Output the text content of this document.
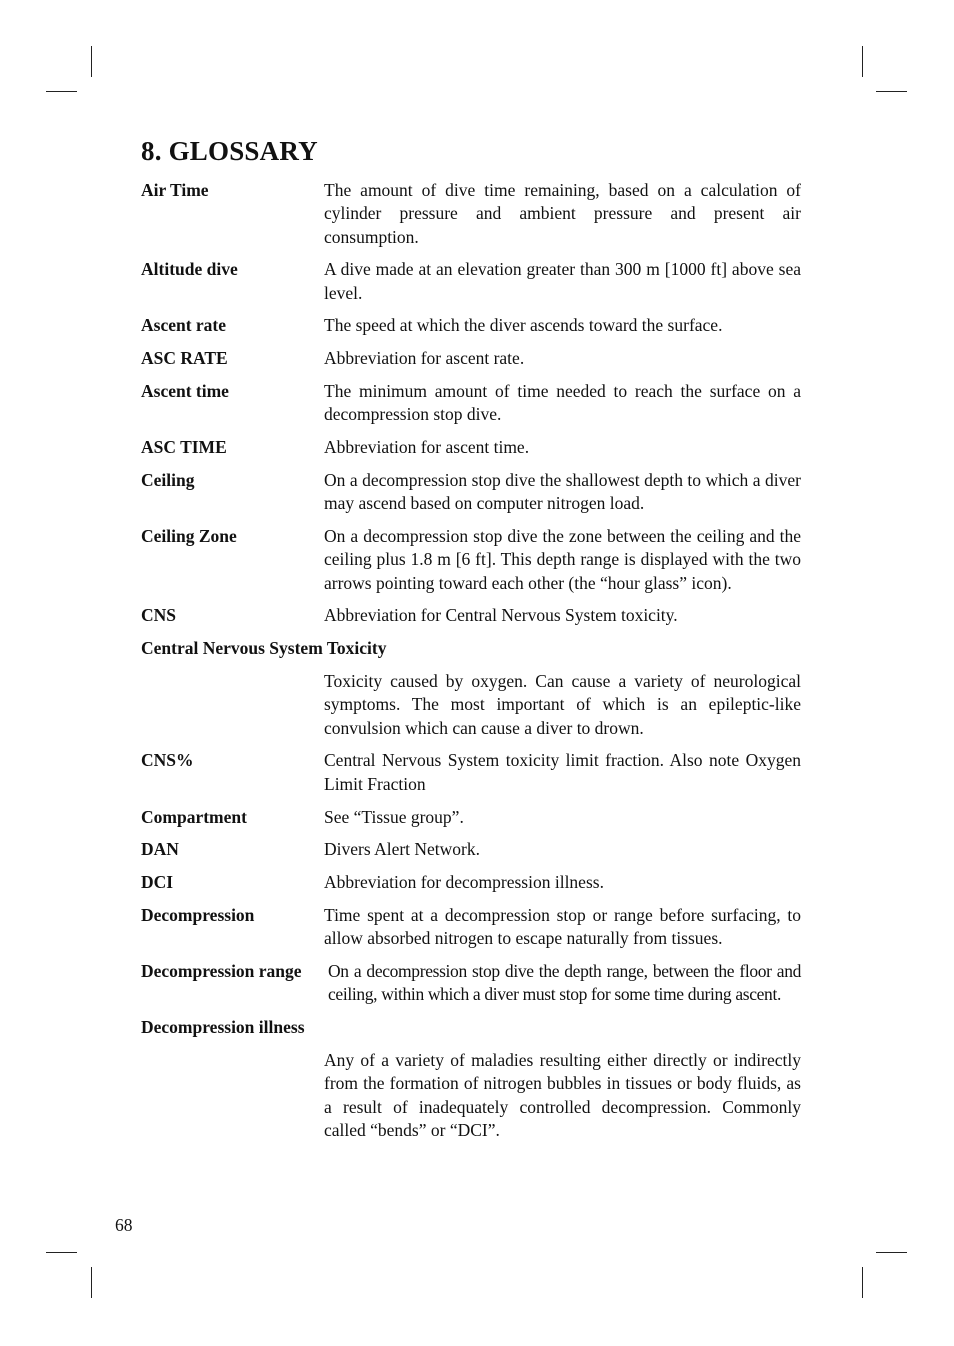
8. GLOSSARY
Air Time	The amount of dive time remaining, based on a calculation of cylinder pressure and ambient pressure and present air consumption.
Altitude dive	A dive made at an elevation greater than 300 m [1000 ft] above sea level.
Ascent rate	The speed at which the diver ascends toward the surface.
ASC RATE	Abbreviation for ascent rate.
Ascent time	The minimum amount of time needed to reach the surface on a decompression stop dive.
ASC TIME	Abbreviation for ascent time.
Ceiling	On a decompression stop dive the shallowest depth to which a diver may ascend based on computer nitrogen load.
Ceiling Zone	On a decompression stop dive the zone between the ceiling and the ceiling plus 1.8 m [6 ft]. This depth range is displayed with the two arrows pointing toward each other (the “hour glass” icon).
CNS	Abbreviation for Central Nervous System toxicity.
Central Nervous System Toxicity
Toxicity caused by oxygen. Can cause a variety of neurological symptoms. The most important of which is an epileptic-like convulsion which can cause a diver to drown.
CNS%	Central Nervous System toxicity limit fraction. Also note Oxygen Limit Fraction
Compartment	See “Tissue group”.
DAN	Divers Alert Network.
DCI	Abbreviation for decompression illness.
Decompression	Time spent at a decompression stop or range before surfacing, to allow absorbed nitrogen to escape naturally from tissues.
Decompression range	On a decompression stop dive the depth range, between the floor and ceiling, within which a diver must stop for some time during ascent.
Decompression illness
Any of a variety of maladies resulting either directly or indirectly from the formation of nitrogen bubbles in tissues or body fluids, as a result of inadequately controlled decompression. Commonly called “bends” or “DCI”.
68
